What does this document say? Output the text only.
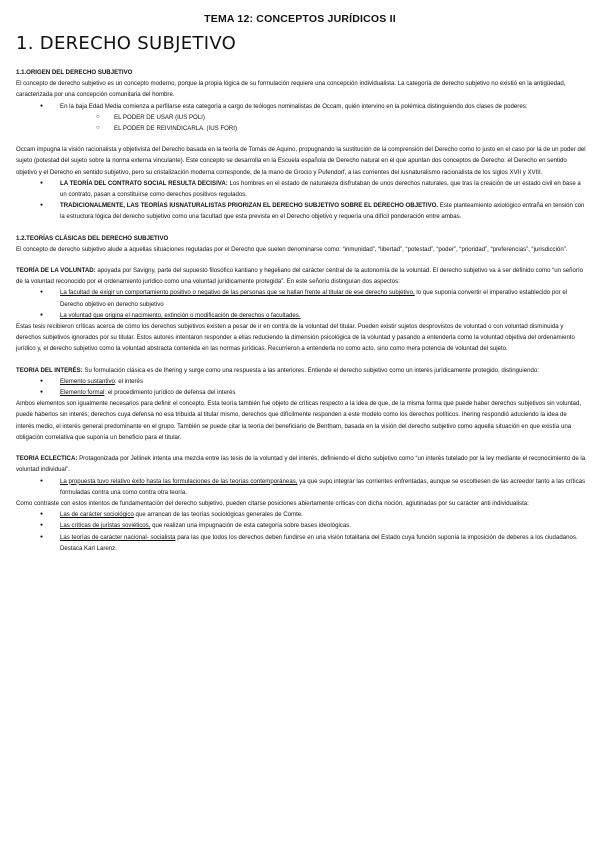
TEMA 12: CONCEPTOS JURÍDICOS II
1. DERECHO SUBJETIVO

1.1.ORIGEN DEL DERECHO SUBJETIVO

El concepto de derecho subjetivo es un concepto moderno, porque la propia lógica de su formulación requiere una concepción individualista. La categoría de derecho subjetivo no existió en la antigüedad, caracterizada por una concepción comunitaria del hombre.

● En la baja Edad Media comienza a perfilarse esta categoría a cargo de teólogos nominalistas de Occam, quién intervino en la polémica distinguiendo dos clases de poderes:
○ EL PODER DE USAR (IUS POLI)
○ EL PODER DE REIVINDICARLA. (IUS FORI)

Occam impugna la visión racionalista y objetivista del Derecho basada en la teoría de Tomás de Aquino, propugnando la sustitución de la comprensión del Derecho como lo justo en el caso por la de un poder del sujeto (potestad del sujeto sobre la norma externa vinculante). Este concepto se desarrolla en la Escuela española de Derecho natural en el que apuntan dos conceptos de Derecho: el Derecho en sentido objetivo y el Derecho en sentido subjetivo, pero su cristalización moderna corresponde, de la mano de Grocio y Pufendorf, a las corrientes del iusnaturalismo racionalista de los siglos XVII y XVIII.

● LA TEORÍA DEL CONTRATO SOCIAL RESULTA DECISIVA: Los hombres en el estado de naturaleza disfrutaban de unos derechos naturales, que tras la creación de un estado civil en base a un contrato, pasan a constituirse como derechos positivos regulados.
● TRADICIONALMENTE, LAS TEORÍAS IUSNATURALISTAS PRIORIZAN EL DERECHO SUBJETIVO SOBRE EL DERECHO OBJETIVO. Este planteamiento axiológico entraña en tensión con la estructura lógica del derecho subjetivo como una facultad que esta prevista en el Derecho objetivo y requería una difícil ponderación entre ambas.

1.2.TEORÍAS CLÁSICAS DEL DERECHO SUBJETIVO

El concepto de derecho subjetivo alude a aquellas situaciones reguladas por el Derecho que suelen denominarse como: “inmunidad”, “libertad”, “potestad”, “poder”, “prioridad”, “preferencias”, “jurisdicción”.

TEORÍA DE LA VOLUNTAD: apoyada por Savigny, parte del supuesto filosófico kantiano y hegeliano del carácter central de la autonomía de la voluntad. El derecho subjetivo va a ser definido como “un señorío de la voluntad reconocido por el ordenamiento jurídico como una voluntad jurídicamente protegida”. En este señorío distinguían dos aspectos:

● La facultad de exigir un comportamiento positivo o negativo de las personas que se hallan frente al titular de ese derecho subjetivo, lo que suponía convertir el imperativo establecido por el Derecho objetivo en derecho subjetivo
● La voluntad que origina el nacimiento, extinción o modificación de derechos o facultades.

Estas tesis recibieron críticas acerca de cómo los derechos subjetivos existen a pesar de ir en contra de la voluntad del titular. Pueden existir sujetos desprovistos de voluntad o con voluntad disminuida y derechos subjetivos ignorados por su titular. Estos autores intentaron responder a ellas reduciendo la dimensión psicológica de la voluntad y pasando a entenderla como la voluntad objetiva del ordenamiento jurídico y, el derecho subjetivo como la voluntad abstracta contenida en las normas jurídicas. Recurrieron a entenderla no como acto, sino como mera potencia de voluntad del sujeto.

TEORIA DEL INTERÉS: Su formulación clásica es de Ihering y surge como una respuesta a las anteriores. Entiende el derecho subjetivo como un interés jurídicamente protegido, distinguiendo:

● Elemento sustantivo: el interés
● Elemento formal: el procedimiento jurídico de defensa del interés

Ambos elementos son igualmente necesarios para definir el concepto. Esta teoría también fue objeto de críticas respecto a la idea de que, de la misma forma que puede haber derechos subjetivos sin voluntad, puede haberlos sin interés; derechos cuya defensa no esa tribuida al titular mismo, derechos que difícilmente responden a este modelo como los derechos políticos. Ihering respondió aduciendo la idea de interés medio, el interés general predominante en el grupo. También se puede citar la teoría del beneficiario de Bentham, basada en la visión del derecho subjetivo como aquella situación en que existía una obligación correlativa que suponía un beneficio para el titular.

TEORIA ECLECTICA: Protagonizada por Jellinek intenta una mezcla entre las tesis de la voluntad y del interés, definiendo el dicho subjetivo como “un interés tutelado por la ley mediante el reconocimiento de la voluntad individual”.

● La propuesta tuvo relativo éxito hasta las formulaciones de las teorías contemporáneas, ya que supo integrar las corrientes enfrentadas, aunque se escoltiesen de las acreedor tanto a las críticas formuladas contra una como contra otra teoría.

Como contraste con estos intentos de fundamentación del derecho subjetivo, pueden citarse posiciones abiertamente críticas con dicha noción, aglutinadas por su carácter anti individualista:

● Las de carácter sociológico que arrancan de las teorías sociológicas generales de Comte.
● Las críticas de juristas soviéticos, que realizan una impugnación de esta categoría sobre bases ideológicas.
● Las teorías de carácter nacional- socialista para las que todos los derechos deben fundirse en una visión totalitaria del Estado cuya función suponía la imposición de deberes a los ciudadanos. Destaca Karl Larenz.
